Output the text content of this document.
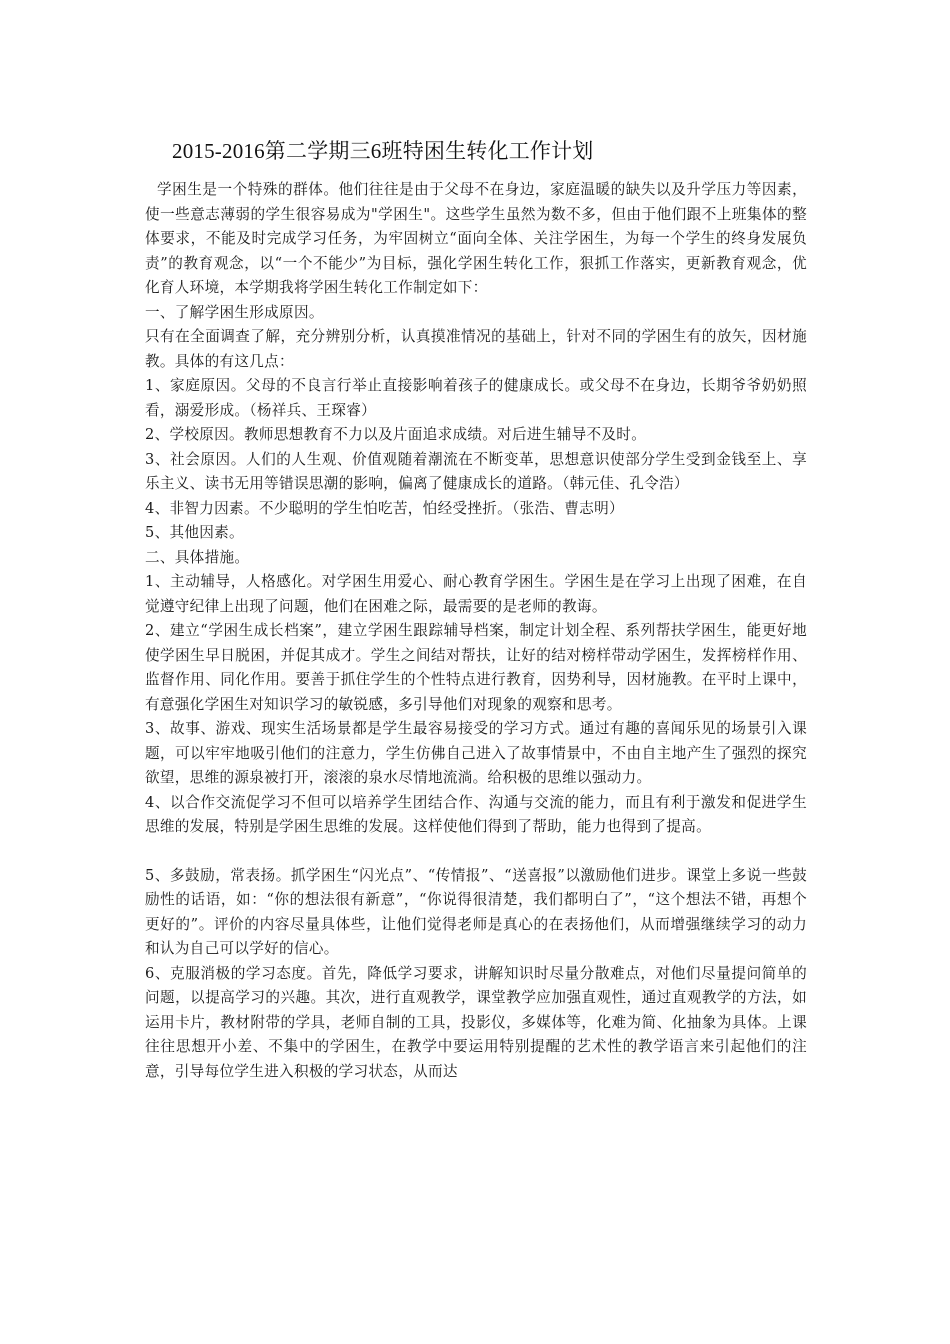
2015-2016第二学期三6班特困生转化工作计划

学困生是一个特殊的群体。他们往往是由于父母不在身边，家庭温暖的缺失以及升学压力等因素，使一些意志薄弱的学生很容易成为"学困生"。这些学生虽然为数不多，但由于他们跟不上班集体的整体要求，不能及时完成学习任务，为牢固树立“面向全体、关注学困生，为每一个学生的终身发展负责”的教育观念，以“一个不能少”为目标，强化学困生转化工作，狠抓工作落实，更新教育观念，优化育人环境，本学期我将学困生转化工作制定如下：

一、了解学困生形成原因。

只有在全面调查了解，充分辨别分析，认真摸准情况的基础上，针对不同的学困生有的放矢，因材施教。具体的有这几点：

1、家庭原因。父母的不良言行举止直接影响着孩子的健康成长。或父母不在身边，长期爷爷奶奶照看，溺爱形成。（杨祥兵、王琛睿）

2、学校原因。教师思想教育不力以及片面追求成绩。对后进生辅导不及时。

3、社会原因。人们的人生观、价值观随着潮流在不断变革，思想意识使部分学生受到金钱至上、享乐主义、读书无用等错误思潮的影响，偏离了健康成长的道路。（韩元佳、孔令浩）

4、非智力因素。不少聪明的学生怕吃苦，怕经受挫折。（张浩、曹志明）

5、其他因素。

二、具体措施。

1、主动辅导，人格感化。对学困生用爱心、耐心教育学困生。学困生是在学习上出现了困难，在自觉遵守纪律上出现了问题，他们在困难之际，最需要的是老师的教诲。

2、建立“学困生成长档案”，建立学困生跟踪辅导档案，制定计划全程、系列帮扶学困生，能更好地使学困生早日脱困，并促其成才。学生之间结对帮扶，让好的结对榜样带动学困生，发挥榜样作用、监督作用、同化作用。要善于抓住学生的个性特点进行教育，因势利导，因材施教。在平时上课中，有意强化学困生对知识学习的敏锐感，多引导他们对现象的观察和思考。

3、故事、游戏、现实生活场景都是学生最容易接受的学习方式。通过有趣的喜闻乐见的场景引入课题，可以牢牢地吸引他们的注意力，学生仿佛自己进入了故事情景中，不由自主地产生了强烈的探究欲望，思维的源泉被打开，滚滚的泉水尽情地流淌。给积极的思维以强动力。

4、以合作交流促学习不但可以培养学生团结合作、沟通与交流的能力，而且有利于激发和促进学生思维的发展，特别是学困生思维的发展。这样使他们得到了帮助，能力也得到了提高。

5、多鼓励，常表扬。抓学困生“闪光点”、“传情报”、“送喜报”以激励他们进步。课堂上多说一些鼓励性的话语，如：“你的想法很有新意”，“你说得很清楚，我们都明白了”，“这个想法不错，再想个更好的”。评价的内容尽量具体些，让他们觉得老师是真心的在表扬他们，从而增强继续学习的动力和认为自己可以学好的信心。

6、克服消极的学习态度。首先，降低学习要求，讲解知识时尽量分散难点，对他们尽量提问简单的问题，以提高学习的兴趣。其次，进行直观教学，课堂教学应加强直观性，通过直观教学的方法，如运用卡片，教材附带的学具，老师自制的工具，投影仪，多媒体等，化难为简、化抽象为具体。上课往往思想开小差、不集中的学困生，在教学中要运用特别提醒的艺术性的教学语言来引起他们的注意，引导每位学生进入积极的学习状态，从而达
